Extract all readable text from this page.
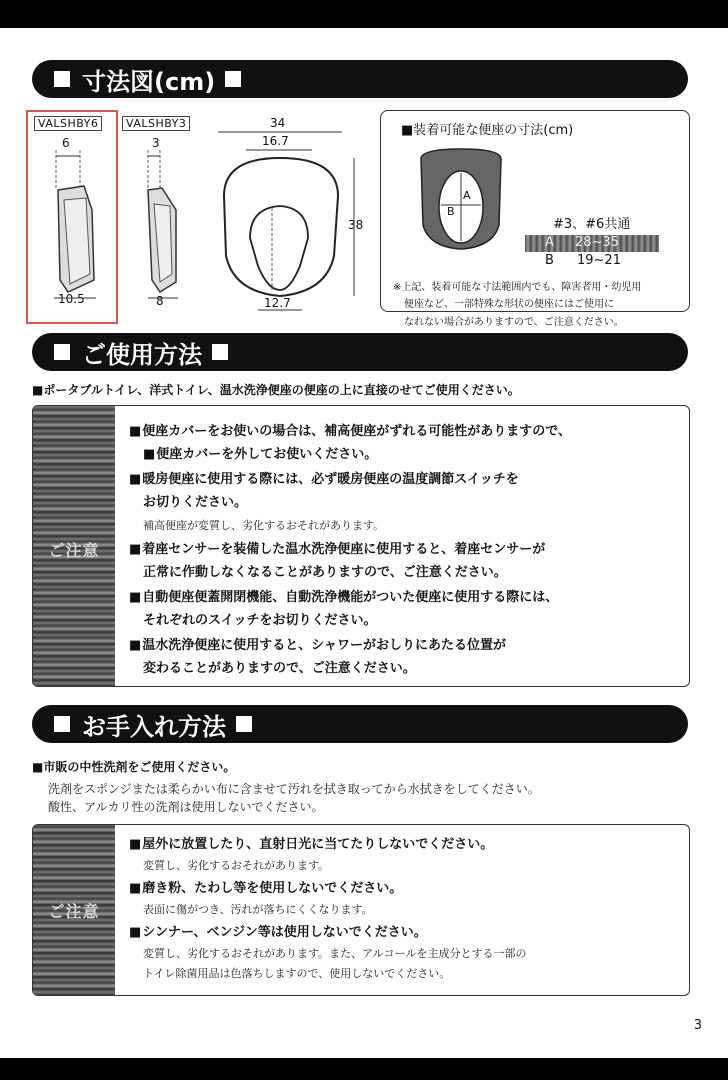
寸法図(cm)
VALSHBY6
6
10.5
VALSHBY3
3
8
34
16.7
38
12.7
■装着可能な便座の寸法(cm)
A
B
#3、#6共通
A 28~35
B 19~21
※上記、装着可能な寸法範囲内でも、障害者用・幼児用
便座など、一部特殊な形状の便座にはご使用に
なれない場合がありますので、ご注意ください。
ご使用方法
■ポータブルトイレ、洋式トイレ、温水洗浄便座の便座の上に直接のせてご使用ください。
ご注意
■ 便座カバーをお使いの場合は、補高便座がずれる可能性がありますので、
■ 便座カバーを外してお使いください。
■ 暖房便座に使用する際には、必ず暖房便座の温度調節スイッチを
お切りください。
補高便座が変質し、劣化するおそれがあります。
■ 着座センサーを装備した温水洗浄便座に使用すると、着座センサーが
正常に作動しなくなることがありますので、ご注意ください。
■ 自動便座便蓋開閉機能、自動洗浄機能がついた便座に使用する際には、
それぞれのスイッチをお切りください。
■ 温水洗浄便座に使用すると、シャワーがおしりにあたる位置が
変わることがありますので、ご注意ください。
お手入れ方法
■市販の中性洗剤をご使用ください。
洗剤をスポンジまたは柔らかい布に含ませて汚れを拭き取ってから水拭きをしてください。
酸性、アルカリ性の洗剤は使用しないでください。
ご注意
■ 屋外に放置したり、直射日光に当てたりしないでください。
変質し、劣化するおそれがあります。
■ 磨き粉、たわし等を使用しないでください。
表面に傷がつき、汚れが落ちにくくなります。
■ シンナー、ベンジン等は使用しないでください。
変質し、劣化するおそれがあります。また、アルコールを主成分とする一部の
トイレ除菌用品は色落ちしますので、使用しないでください。
3
